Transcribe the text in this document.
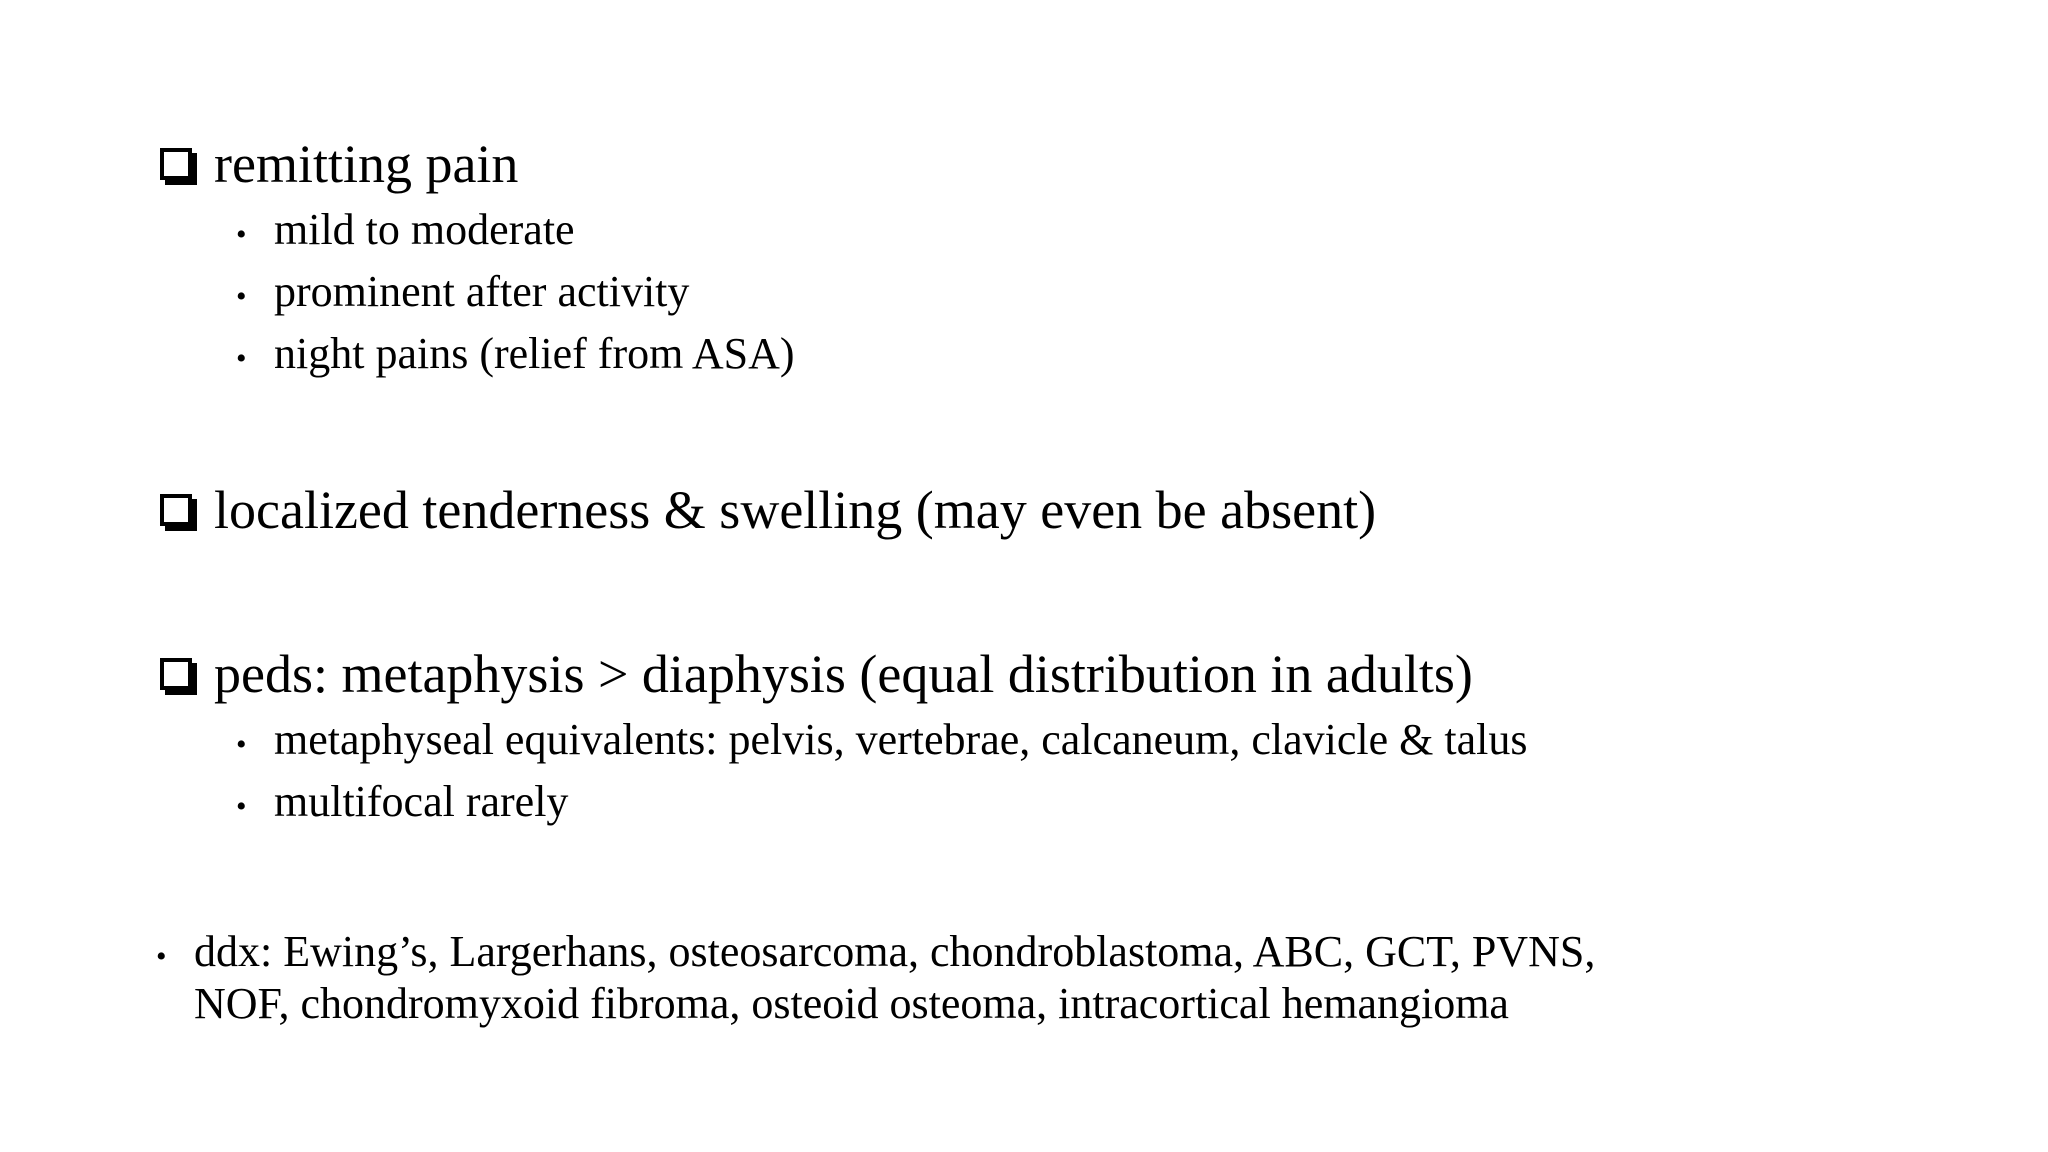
remitting pain
• mild to moderate
• prominent after activity
• night pains (relief from ASA)
localized tenderness & swelling (may even be absent)
peds: metaphysis > diaphysis (equal distribution in adults)
• metaphyseal equivalents: pelvis, vertebrae, calcaneum, clavicle & talus
• multifocal rarely
• ddx: Ewing’s, Largerhans, osteosarcoma, chondroblastoma, ABC, GCT, PVNS,
NOF, chondromyxoid fibroma, osteoid osteoma, intracortical hemangioma
